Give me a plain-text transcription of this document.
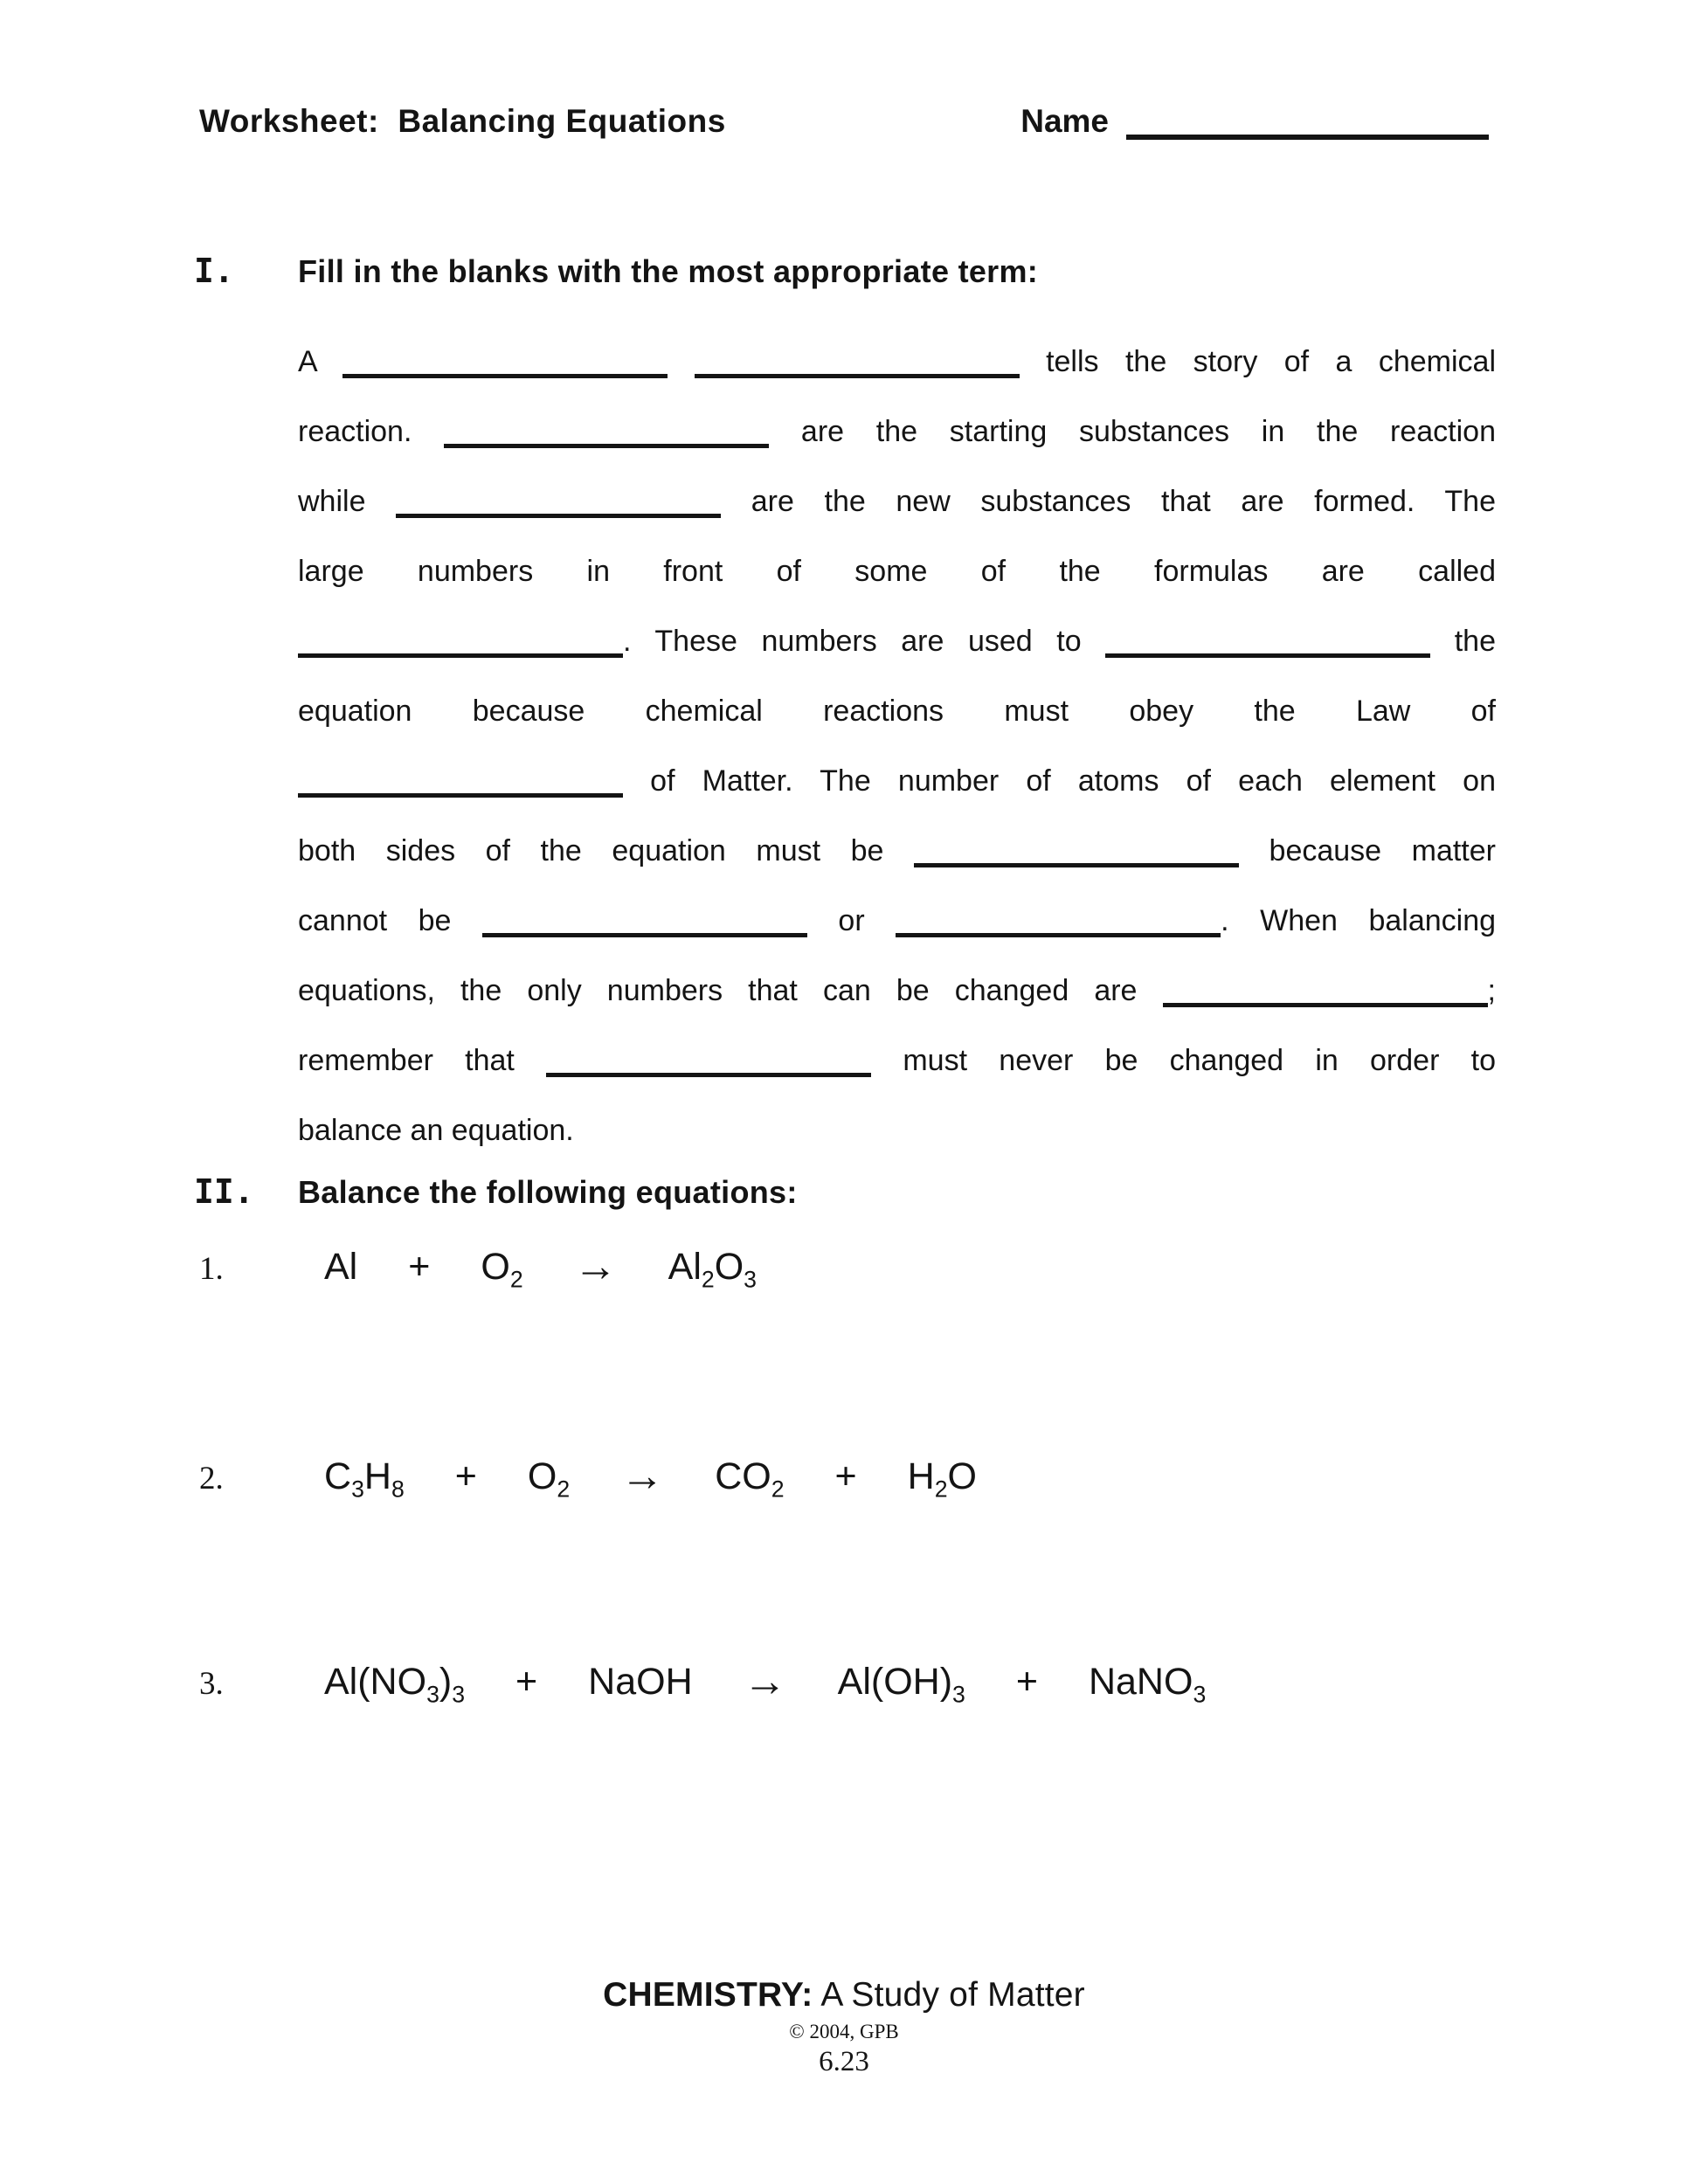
Worksheet:  Balancing Equations	Name
I.	Fill in the blanks with the most appropriate term:
A	tells the story of a chemical
reaction.	are the starting substances in the reaction
while	are the new substances that are formed. The
large numbers in front of some of the formulas are called
. These numbers are used to	the
equation because chemical reactions must obey the Law of
of Matter. The number of atoms of each element on
both sides of the equation must be	because matter
cannot be	or	. When balancing
equations, the only numbers that can be changed are	;
remember that	must never be changed in order to
balance an equation.
II.	Balance the following equations:
1.	$Al + O_2 \to Al_2O_3$
2.	$C_3H_8 + O_2 \to CO_2 + H_2O$
3.	$Al(NO_3)_3$ + NaOH → $Al(OH)_3$ + NaNO$_3$
CHEMISTRY: A Study of Matter
© 2004, GPB
6.23
